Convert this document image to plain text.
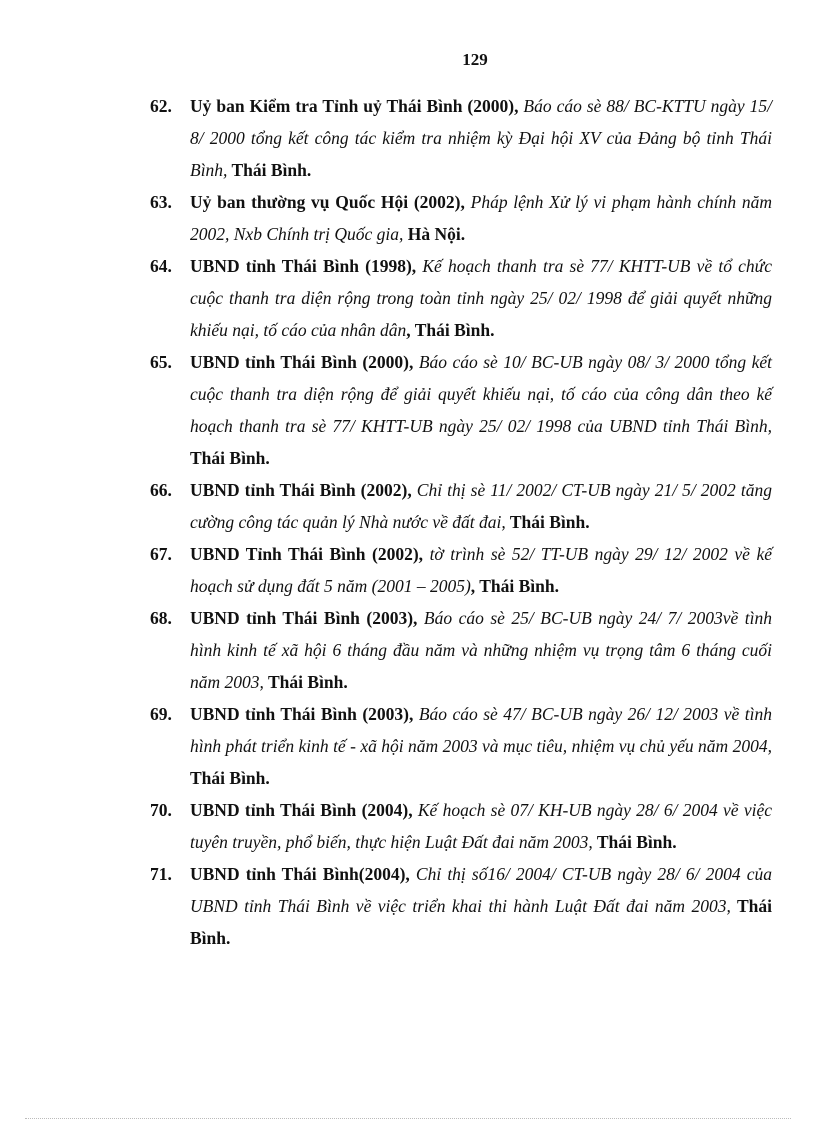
129
62. Uỷ ban Kiểm tra Tỉnh uỷ Thái Bình (2000), Báo cáo sè 88/ BC-KTTU ngày 15/ 8/ 2000 tổng kết công tác kiểm tra nhiệm kỳ Đại hội XV của Đảng bộ tỉnh Thái Bình, Thái Bình.
63. Uỷ ban thường vụ Quốc Hội (2002), Pháp lệnh Xử lý vi phạm hành chính năm 2002, Nxb Chính trị Quốc gia, Hà Nội.
64. UBND tỉnh Thái Bình (1998), Kế hoạch thanh tra sè 77/ KHTT-UB về tổ chức cuộc thanh tra diện rộng trong toàn tỉnh ngày 25/ 02/ 1998 để giải quyết những khiếu nại, tố cáo của nhân dân, Thái Bình.
65. UBND tỉnh Thái Bình (2000), Báo cáo sè 10/ BC-UB ngày 08/ 3/ 2000 tổng kết cuộc thanh tra diện rộng để giải quyết khiếu nại, tố cáo của công dân theo kế hoạch thanh tra sè 77/ KHTT-UB ngày 25/ 02/ 1998 của UBND tỉnh Thái Bình, Thái Bình.
66. UBND tỉnh Thái Bình (2002), Chỉ thị sè 11/ 2002/ CT-UB ngày 21/ 5/ 2002 tăng cường công tác quản lý Nhà nước về đất đai, Thái Bình.
67. UBND Tỉnh Thái Bình (2002), tờ trình sè 52/ TT-UB ngày 29/ 12/ 2002 về kế hoạch sử dụng đất 5 năm (2001 – 2005), Thái Bình.
68. UBND tỉnh Thái Bình (2003), Báo cáo sè 25/ BC-UB ngày 24/ 7/ 2003về tình hình kinh tế xã hội 6 tháng đầu năm và những nhiệm vụ trọng tâm 6 tháng cuối năm 2003, Thái Bình.
69. UBND tỉnh Thái Bình (2003), Báo cáo sè 47/ BC-UB ngày 26/ 12/ 2003 về tình hình phát triển kinh tế - xã hội năm 2003 và mục tiêu, nhiệm vụ chủ yếu năm 2004, Thái Bình.
70. UBND tỉnh Thái Bình (2004), Kế hoạch sè 07/ KH-UB ngày 28/ 6/ 2004 về việc tuyên truyền, phổ biến, thực hiện Luật Đất đai năm 2003, Thái Bình.
71. UBND tỉnh Thái Bình(2004), Chỉ thị số16/ 2004/ CT-UB ngày 28/ 6/ 2004 của UBND tỉnh Thái Bình về việc triển khai thi hành Luật Đất đai năm 2003, Thái Bình.
